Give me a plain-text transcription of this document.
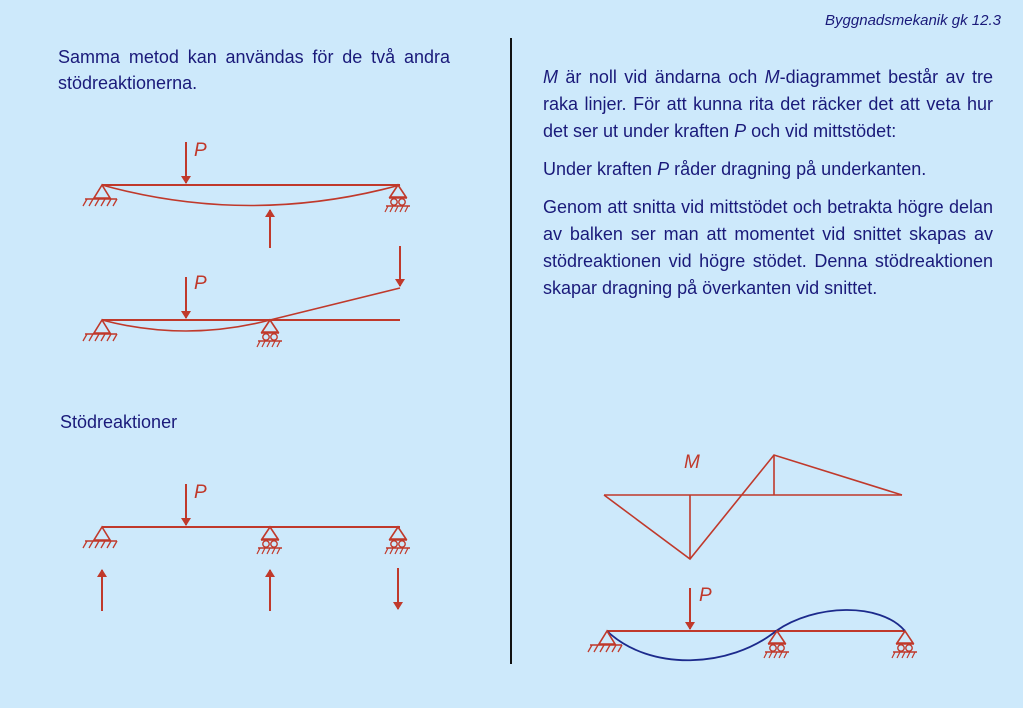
Byggnadsmekanik gk 12.3
Samma metod kan användas för de två andra stödreaktionerna.
Stödreaktioner

M är noll vid ändarna och M-diagrammet består av tre raka linjer. För att kunna rita det räcker det att veta hur det ser ut under kraften P och vid mittstödet:

Under kraften P råder dragning på underkanten.

Genom att snitta vid mittstödet och betrakta högre delan av balken ser man att momentet vid snittet skapas av stödreaktionen vid högre stödet. Denna stödreaktionen skapar dragning på överkanten vid snittet.

P
P
P
M
P
